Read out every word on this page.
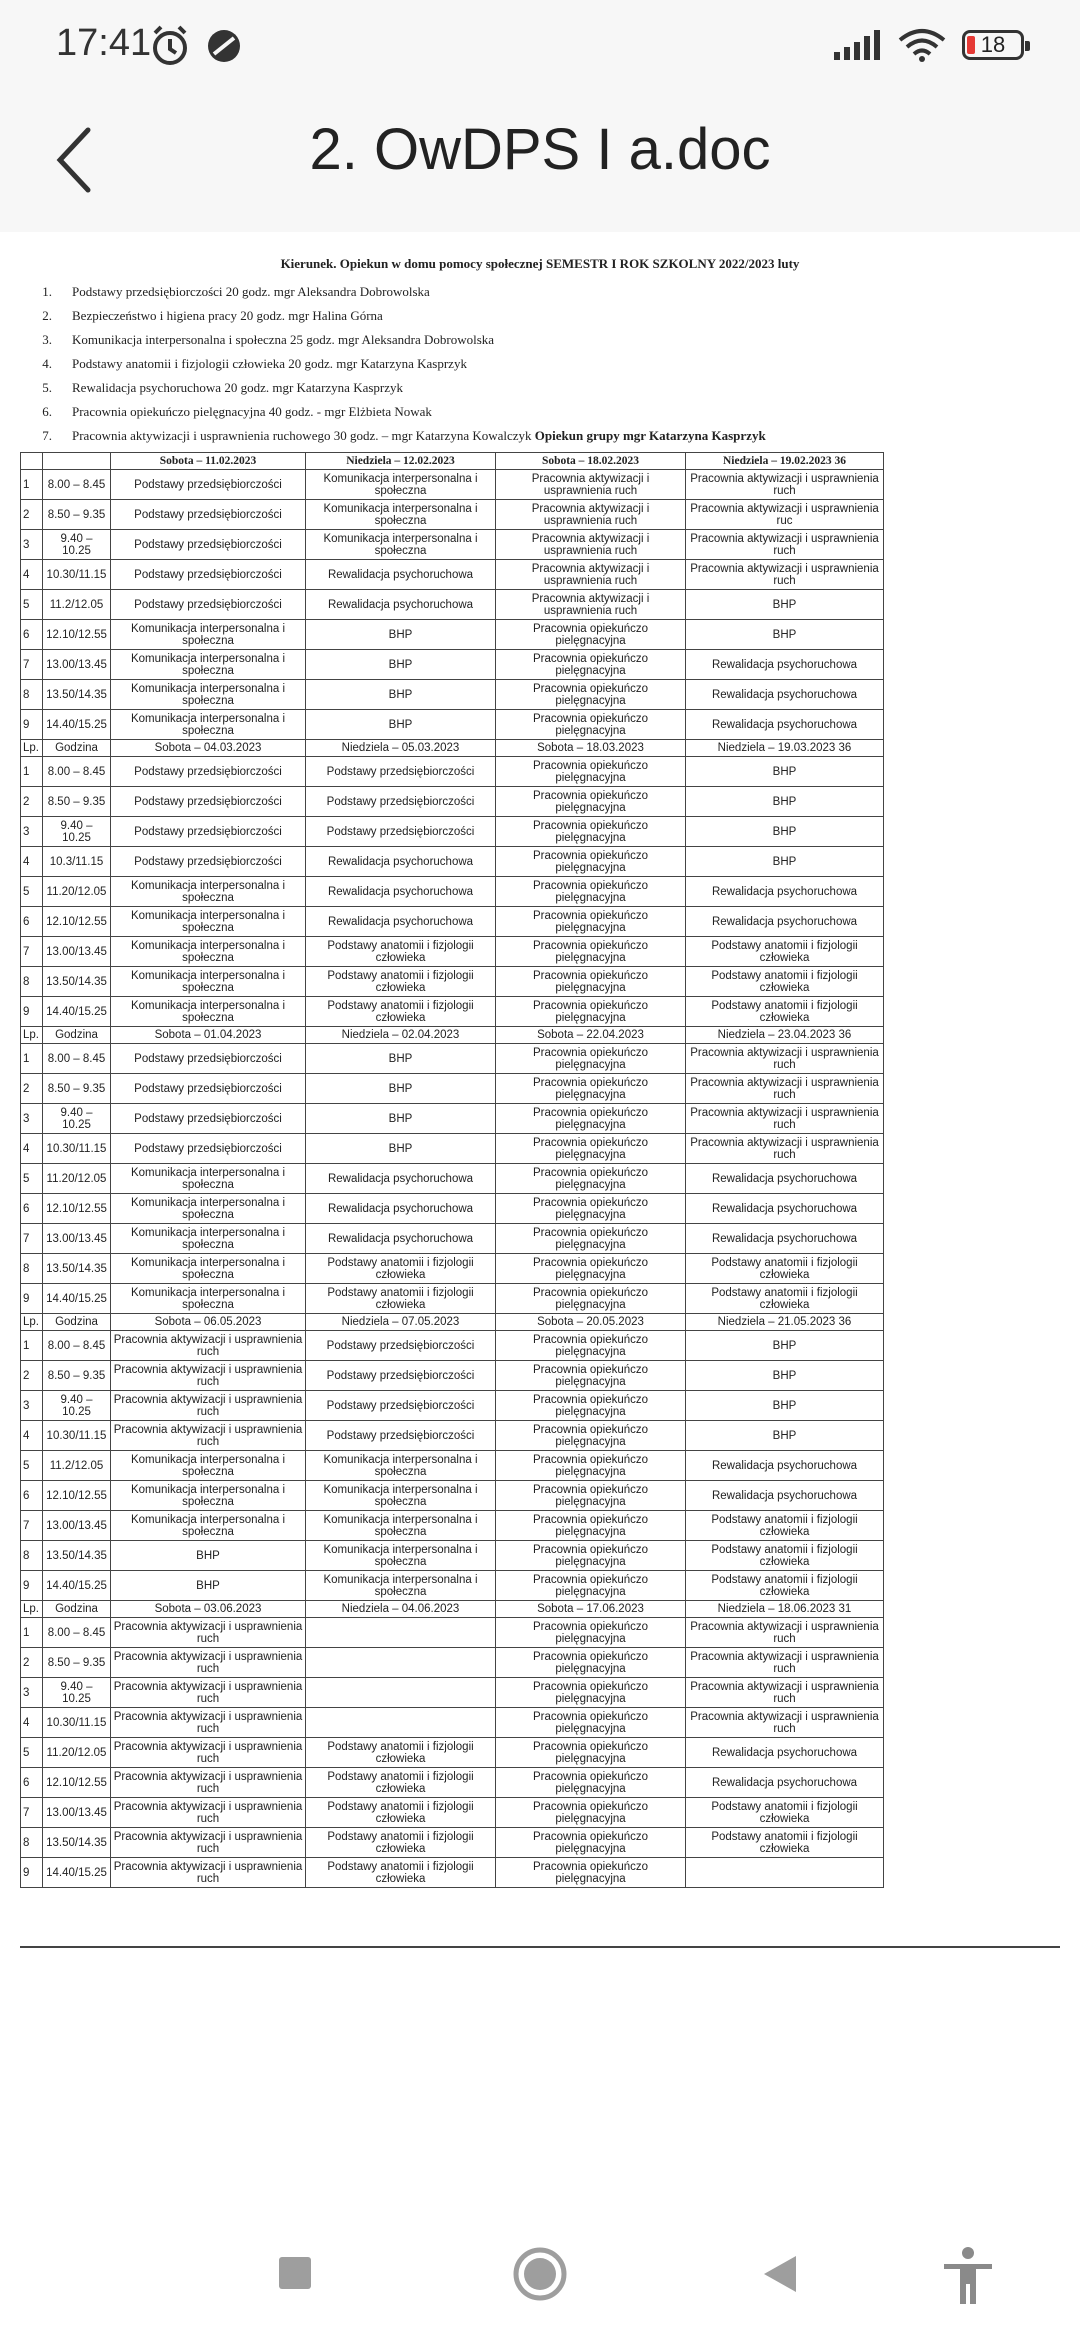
17:41	18
2. OwDPS I a.doc
Kierunek. Opiekun w domu pomocy społecznej SEMESTR I ROK SZKOLNY 2022/2023 luty
1.	Podstawy przedsiębiorczości 20 godz. mgr Aleksandra Dobrowolska
2.	Bezpieczeństwo i higiena pracy 20 godz. mgr Halina Górna
3.	Komunikacja interpersonalna i społeczna 25 godz. mgr Aleksandra Dobrowolska
4.	Podstawy anatomii i fizjologii człowieka 20 godz. mgr Katarzyna Kasprzyk
5.	Rewalidacja psychoruchowa 20 godz. mgr Katarzyna Kasprzyk
6.	Pracownia opiekuńczo pielęgnacyjna 40 godz. - mgr Elżbieta Nowak
7.	Pracownia aktywizacji i usprawnienia ruchowego 30 godz. – mgr Katarzyna Kowalczyk Opiekun grupy mgr Katarzyna Kasprzyk
		Sobota – 11.02.2023	Niedziela – 12.02.2023	Sobota – 18.02.2023	Niedziela – 19.02.2023 36
1	8.00 – 8.45	Podstawy przedsiębiorczości	Komunikacja interpersonalna i społeczna	Pracownia aktywizacji i usprawnienia ruch	Pracownia aktywizacji i usprawnienia ruch
2	8.50 – 9.35	Podstawy przedsiębiorczości	Komunikacja interpersonalna i społeczna	Pracownia aktywizacji i usprawnienia ruch	Pracownia aktywizacji i usprawnienia ruc
3	9.40 – 10.25	Podstawy przedsiębiorczości	Komunikacja interpersonalna i społeczna	Pracownia aktywizacji i usprawnienia ruch	Pracownia aktywizacji i usprawnienia ruch
4	10.30/11.15	Podstawy przedsiębiorczości	Rewalidacja psychoruchowa	Pracownia aktywizacji i usprawnienia ruch	Pracownia aktywizacji i usprawnienia ruch
5	11.2/12.05	Podstawy przedsiębiorczości	Rewalidacja psychoruchowa	Pracownia aktywizacji i usprawnienia ruch	BHP
6	12.10/12.55	Komunikacja interpersonalna i społeczna	BHP	Pracownia opiekuńczo pielęgnacyjna	BHP
7	13.00/13.45	Komunikacja interpersonalna i społeczna	BHP	Pracownia opiekuńczo pielęgnacyjna	Rewalidacja psychoruchowa
8	13.50/14.35	Komunikacja interpersonalna i społeczna	BHP	Pracownia opiekuńczo pielęgnacyjna	Rewalidacja psychoruchowa
9	14.40/15.25	Komunikacja interpersonalna i społeczna	BHP	Pracownia opiekuńczo pielęgnacyjna	Rewalidacja psychoruchowa
Lp.	Godzina	Sobota – 04.03.2023	Niedziela – 05.03.2023	Sobota – 18.03.2023	Niedziela – 19.03.2023 36
1	8.00 – 8.45	Podstawy przedsiębiorczości	Podstawy przedsiębiorczości	Pracownia opiekuńczo pielęgnacyjna	BHP
2	8.50 – 9.35	Podstawy przedsiębiorczości	Podstawy przedsiębiorczości	Pracownia opiekuńczo pielęgnacyjna	BHP
3	9.40 – 10.25	Podstawy przedsiębiorczości	Podstawy przedsiębiorczości	Pracownia opiekuńczo pielęgnacyjna	BHP
4	10.3/11.15	Podstawy przedsiębiorczości	Rewalidacja psychoruchowa	Pracownia opiekuńczo pielęgnacyjna	BHP
5	11.20/12.05	Komunikacja interpersonalna i społeczna	Rewalidacja psychoruchowa	Pracownia opiekuńczo pielęgnacyjna	Rewalidacja psychoruchowa
6	12.10/12.55	Komunikacja interpersonalna i społeczna	Rewalidacja psychoruchowa	Pracownia opiekuńczo pielęgnacyjna	Rewalidacja psychoruchowa
7	13.00/13.45	Komunikacja interpersonalna i społeczna	Podstawy anatomii i fizjologii człowieka	Pracownia opiekuńczo pielęgnacyjna	Podstawy anatomii i fizjologii człowieka
8	13.50/14.35	Komunikacja interpersonalna i społeczna	Podstawy anatomii i fizjologii człowieka	Pracownia opiekuńczo pielęgnacyjna	Podstawy anatomii i fizjologii człowieka
9	14.40/15.25	Komunikacja interpersonalna i społeczna	Podstawy anatomii i fizjologii człowieka	Pracownia opiekuńczo pielęgnacyjna	Podstawy anatomii i fizjologii człowieka
Lp.	Godzina	Sobota – 01.04.2023	Niedziela – 02.04.2023	Sobota – 22.04.2023	Niedziela – 23.04.2023 36
1	8.00 – 8.45	Podstawy przedsiębiorczości	BHP	Pracownia opiekuńczo pielęgnacyjna	Pracownia aktywizacji i usprawnienia ruch
2	8.50 – 9.35	Podstawy przedsiębiorczości	BHP	Pracownia opiekuńczo pielęgnacyjna	Pracownia aktywizacji i usprawnienia ruch
3	9.40 – 10.25	Podstawy przedsiębiorczości	BHP	Pracownia opiekuńczo pielęgnacyjna	Pracownia aktywizacji i usprawnienia ruch
4	10.30/11.15	Podstawy przedsiębiorczości	BHP	Pracownia opiekuńczo pielęgnacyjna	Pracownia aktywizacji i usprawnienia ruch
5	11.20/12.05	Komunikacja interpersonalna i społeczna	Rewalidacja psychoruchowa	Pracownia opiekuńczo pielęgnacyjna	Rewalidacja psychoruchowa
6	12.10/12.55	Komunikacja interpersonalna i społeczna	Rewalidacja psychoruchowa	Pracownia opiekuńczo pielęgnacyjna	Rewalidacja psychoruchowa
7	13.00/13.45	Komunikacja interpersonalna i społeczna	Rewalidacja psychoruchowa	Pracownia opiekuńczo pielęgnacyjna	Rewalidacja psychoruchowa
8	13.50/14.35	Komunikacja interpersonalna i społeczna	Podstawy anatomii i fizjologii człowieka	Pracownia opiekuńczo pielęgnacyjna	Podstawy anatomii i fizjologii człowieka
9	14.40/15.25	Komunikacja interpersonalna i społeczna	Podstawy anatomii i fizjologii człowieka	Pracownia opiekuńczo pielęgnacyjna	Podstawy anatomii i fizjologii człowieka
Lp.	Godzina	Sobota – 06.05.2023	Niedziela – 07.05.2023	Sobota – 20.05.2023	Niedziela – 21.05.2023 36
1	8.00 – 8.45	Pracownia aktywizacji i usprawnienia ruch	Podstawy przedsiębiorczości	Pracownia opiekuńczo pielęgnacyjna	BHP
2	8.50 – 9.35	Pracownia aktywizacji i usprawnienia ruch	Podstawy przedsiębiorczości	Pracownia opiekuńczo pielęgnacyjna	BHP
3	9.40 – 10.25	Pracownia aktywizacji i usprawnienia ruch	Podstawy przedsiębiorczości	Pracownia opiekuńczo pielęgnacyjna	BHP
4	10.30/11.15	Pracownia aktywizacji i usprawnienia ruch	Podstawy przedsiębiorczości	Pracownia opiekuńczo pielęgnacyjna	BHP
5	11.2/12.05	Komunikacja interpersonalna i społeczna	Komunikacja interpersonalna i społeczna	Pracownia opiekuńczo pielęgnacyjna	Rewalidacja psychoruchowa
6	12.10/12.55	Komunikacja interpersonalna i społeczna	Komunikacja interpersonalna i społeczna	Pracownia opiekuńczo pielęgnacyjna	Rewalidacja psychoruchowa
7	13.00/13.45	Komunikacja interpersonalna i społeczna	Komunikacja interpersonalna i społeczna	Pracownia opiekuńczo pielęgnacyjna	Podstawy anatomii i fizjologii człowieka
8	13.50/14.35	BHP	Komunikacja interpersonalna i społeczna	Pracownia opiekuńczo pielęgnacyjna	Podstawy anatomii i fizjologii człowieka
9	14.40/15.25	BHP	Komunikacja interpersonalna i społeczna	Pracownia opiekuńczo pielęgnacyjna	Podstawy anatomii i fizjologii człowieka
Lp.	Godzina	Sobota – 03.06.2023	Niedziela – 04.06.2023	Sobota – 17.06.2023	Niedziela – 18.06.2023 31
1	8.00 – 8.45	Pracownia aktywizacji i usprawnienia ruch		Pracownia opiekuńczo pielęgnacyjna	Pracownia aktywizacji i usprawnienia ruch
2	8.50 – 9.35	Pracownia aktywizacji i usprawnienia ruch		Pracownia opiekuńczo pielęgnacyjna	Pracownia aktywizacji i usprawnienia ruch
3	9.40 – 10.25	Pracownia aktywizacji i usprawnienia ruch		Pracownia opiekuńczo pielęgnacyjna	Pracownia aktywizacji i usprawnienia ruch
4	10.30/11.15	Pracownia aktywizacji i usprawnienia ruch		Pracownia opiekuńczo pielęgnacyjna	Pracownia aktywizacji i usprawnienia ruch
5	11.20/12.05	Pracownia aktywizacji i usprawnienia ruch	Podstawy anatomii i fizjologii człowieka	Pracownia opiekuńczo pielęgnacyjna	Rewalidacja psychoruchowa
6	12.10/12.55	Pracownia aktywizacji i usprawnienia ruch	Podstawy anatomii i fizjologii człowieka	Pracownia opiekuńczo pielęgnacyjna	Rewalidacja psychoruchowa
7	13.00/13.45	Pracownia aktywizacji i usprawnienia ruch	Podstawy anatomii i fizjologii człowieka	Pracownia opiekuńczo pielęgnacyjna	Podstawy anatomii i fizjologii człowieka
8	13.50/14.35	Pracownia aktywizacji i usprawnienia ruch	Podstawy anatomii i fizjologii człowieka	Pracownia opiekuńczo pielęgnacyjna	Podstawy anatomii i fizjologii człowieka
9	14.40/15.25	Pracownia aktywizacji i usprawnienia ruch	Podstawy anatomii i fizjologii człowieka	Pracownia opiekuńczo pielęgnacyjna	
